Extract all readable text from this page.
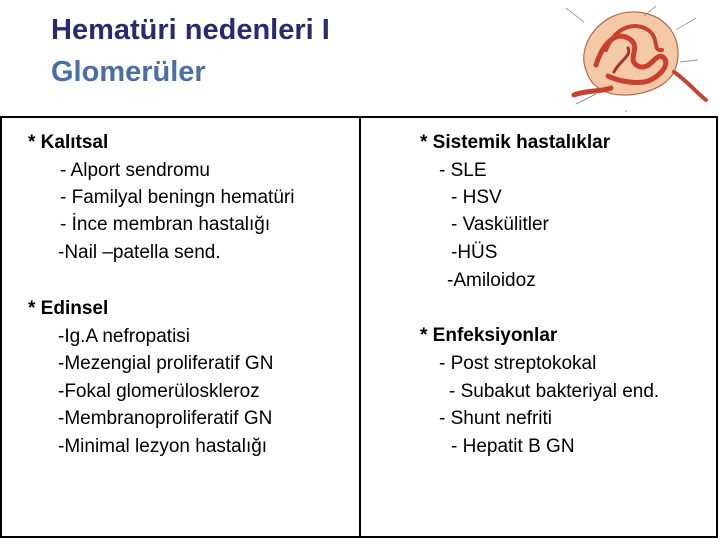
Hematüri nedenleri I
Glomerüler
* Kalıtsal
- Alport sendromu
- Familyal beningn hematüri
- İnce membran hastalığı
-Nail –patella send.
* Edinsel
-Ig.A nefropatisi
-Mezengial proliferatif GN
-Fokal glomerüloskleroz
-Membranoproliferatif GN
-Minimal lezyon hastalığı
* Sistemik hastalıklar
- SLE
- HSV
- Vaskülitler
-HÜS
-Amiloidoz
* Enfeksiyonlar
- Post streptokokal
- Subakut bakteriyal end.
- Shunt nefriti
- Hepatit B GN
